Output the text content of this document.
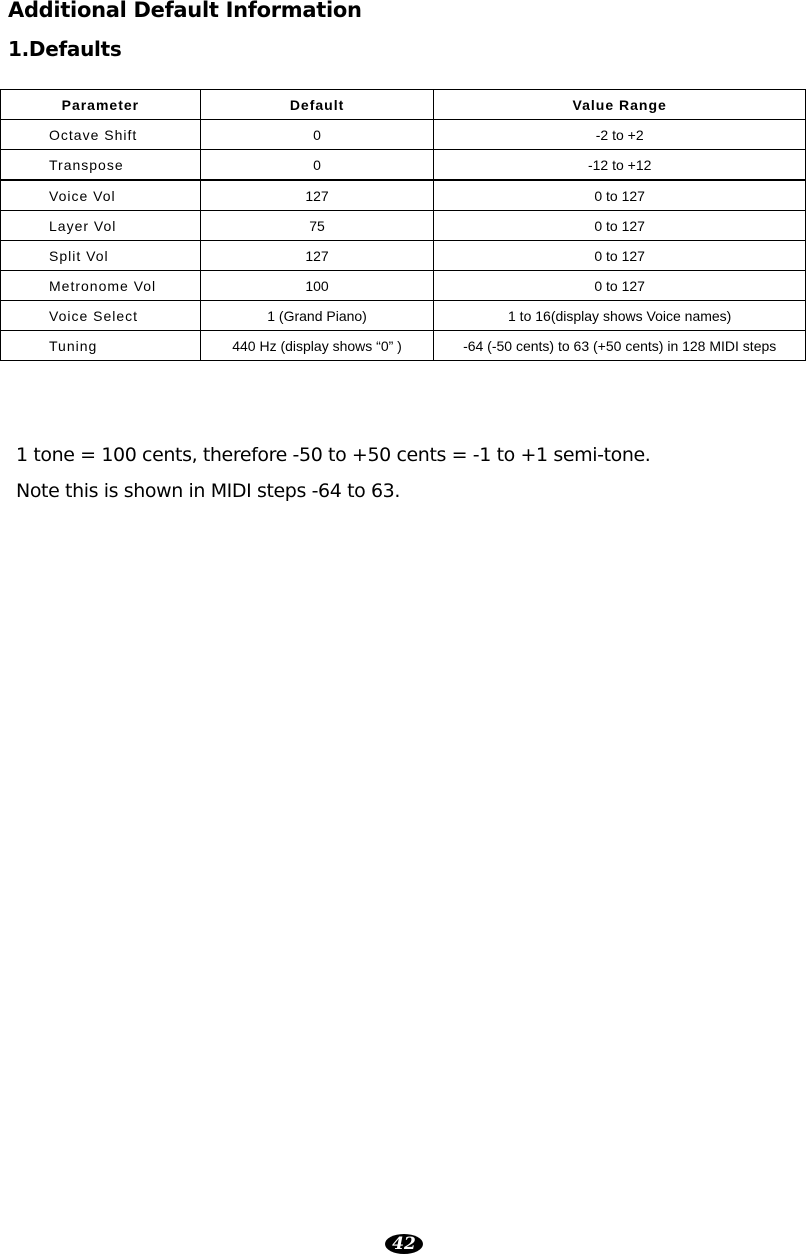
Additional Default Information
1.Defaults
Parameter	Default	Value Range
Octave Shift	0	-2 to +2
Transpose	0	-12 to +12
Voice Vol	127	0 to 127
Layer Vol	75	0 to 127
Split Vol	127	0 to 127
Metronome Vol	100	0 to 127
Voice Select	1 (Grand Piano)	1 to 16(display shows Voice names)
Tuning	440 Hz (display shows “0” )	-64 (-50 cents) to 63 (+50 cents) in 128 MIDI steps
1 tone = 100 cents, therefore -50 to +50 cents = -1 to +1 semi-tone.
Note this is shown in MIDI steps -64 to 63.
42
